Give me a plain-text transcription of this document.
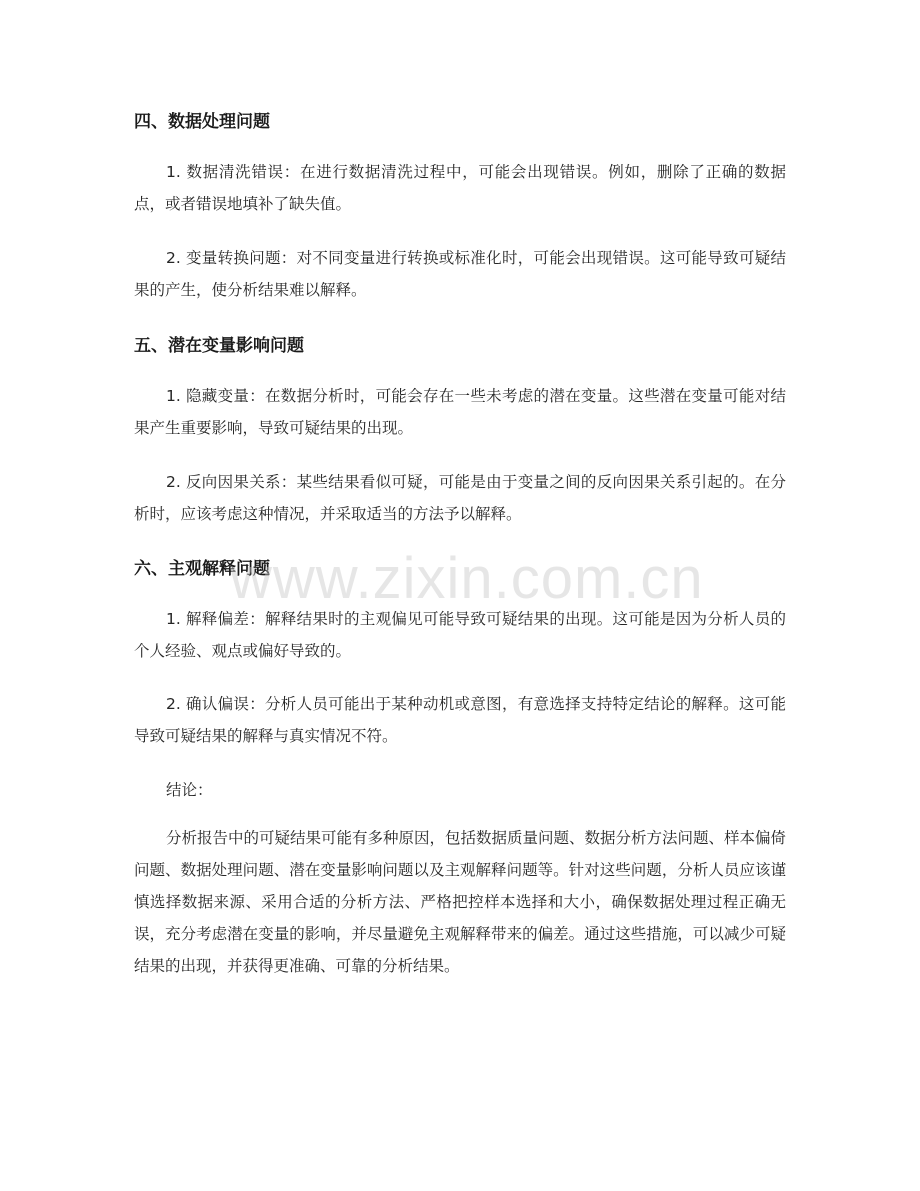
四、数据处理问题

1. 数据清洗错误：在进行数据清洗过程中，可能会出现错误。例如，删除了正确的数据点，或者错误地填补了缺失值。

2. 变量转换问题：对不同变量进行转换或标准化时，可能会出现错误。这可能导致可疑结果的产生，使分析结果难以解释。

五、潜在变量影响问题

1. 隐藏变量：在数据分析时，可能会存在一些未考虑的潜在变量。这些潜在变量可能对结果产生重要影响，导致可疑结果的出现。

2. 反向因果关系：某些结果看似可疑，可能是由于变量之间的反向因果关系引起的。在分析时，应该考虑这种情况，并采取适当的方法予以解释。

六、主观解释问题

1. 解释偏差：解释结果时的主观偏见可能导致可疑结果的出现。这可能是因为分析人员的个人经验、观点或偏好导致的。

2. 确认偏误：分析人员可能出于某种动机或意图，有意选择支持特定结论的解释。这可能导致可疑结果的解释与真实情况不符。

结论：

分析报告中的可疑结果可能有多种原因，包括数据质量问题、数据分析方法问题、样本偏倚问题、数据处理问题、潜在变量影响问题以及主观解释问题等。针对这些问题，分析人员应该谨慎选择数据来源、采用合适的分析方法、严格把控样本选择和大小，确保数据处理过程正确无误，充分考虑潜在变量的影响，并尽量避免主观解释带来的偏差。通过这些措施，可以减少可疑结果的出现，并获得更准确、可靠的分析结果。

www.zixin.com.cn
